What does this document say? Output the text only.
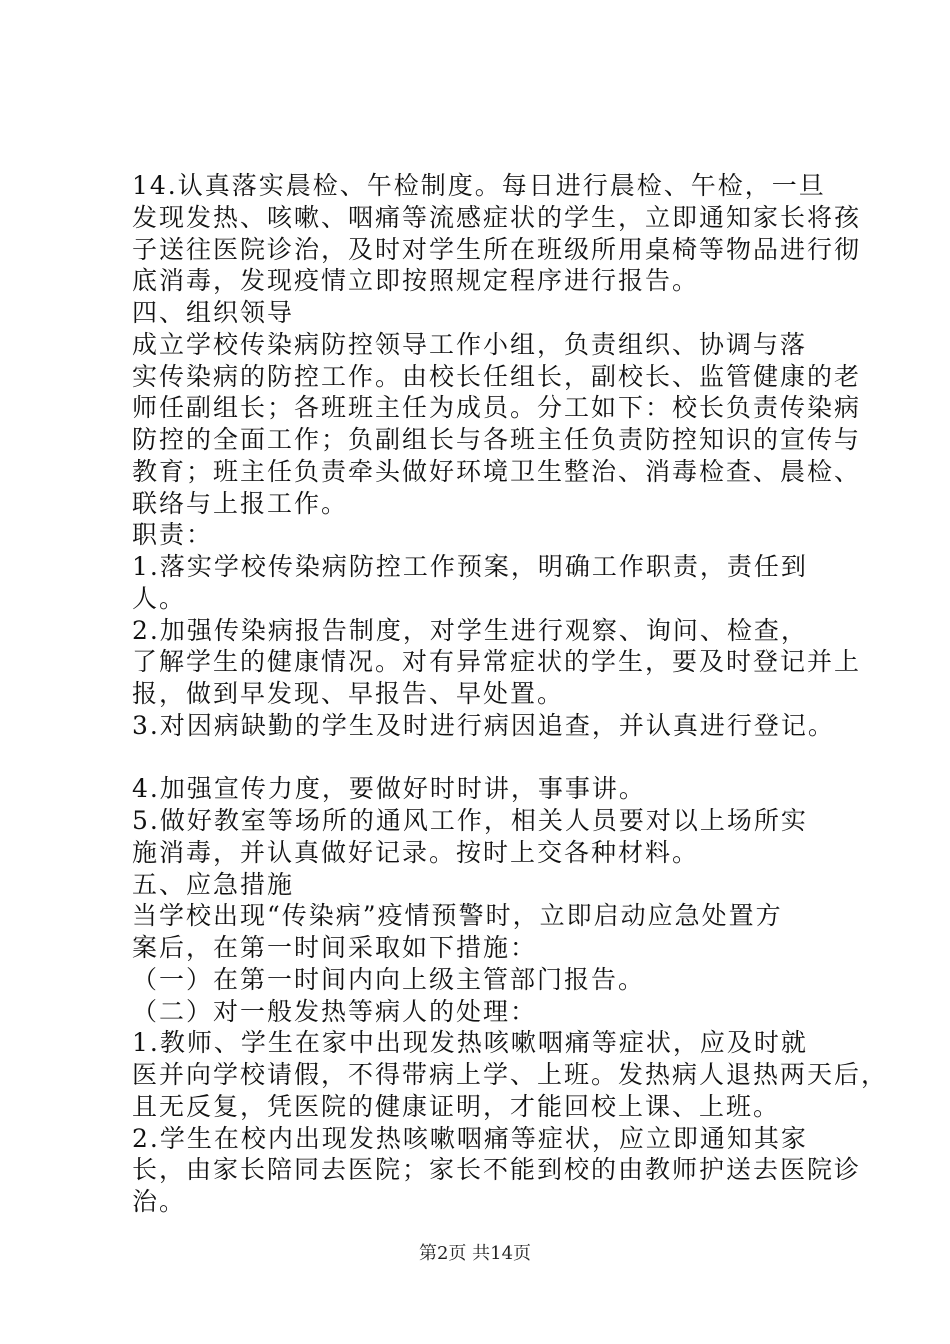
第2页 共14页
14.认真落实晨检、午检制度。每日进行晨检、午检，一旦
发现发热、咳嗽、咽痛等流感症状的学生，立即通知家长将孩
子送往医院诊治，及时对学生所在班级所用桌椅等物品进行彻
底消毒，发现疫情立即按照规定程序进行报告。
四、组织领导
成立学校传染病防控领导工作小组，负责组织、协调与落
实传染病的防控工作。由校长任组长，副校长、监管健康的老
师任副组长；各班班主任为成员。分工如下：校长负责传染病
防控的全面工作；负副组长与各班主任负责防控知识的宣传与
教育；班主任负责牵头做好环境卫生整治、消毒检查、晨检、
联络与上报工作。
职责：
1.落实学校传染病防控工作预案，明确工作职责，责任到
人。
2.加强传染病报告制度，对学生进行观察、询问、检查，
了解学生的健康情况。对有异常症状的学生，要及时登记并上
报，做到早发现、早报告、早处置。
3.对因病缺勤的学生及时进行病因追查，并认真进行登记。
4.加强宣传力度，要做好时时讲，事事讲。
5.做好教室等场所的通风工作，相关人员要对以上场所实
施消毒，并认真做好记录。按时上交各种材料。
五、应急措施
当学校出现“传染病”疫情预警时，立即启动应急处置方
案后，在第一时间采取如下措施：
（一）在第一时间内向上级主管部门报告。
（二）对一般发热等病人的处理：
1.教师、学生在家中出现发热咳嗽咽痛等症状，应及时就
医并向学校请假，不得带病上学、上班。发热病人退热两天后，
且无反复，凭医院的健康证明，才能回校上课、上班。
2.学生在校内出现发热咳嗽咽痛等症状，应立即通知其家
长，由家长陪同去医院；家长不能到校的由教师护送去医院诊
治。
